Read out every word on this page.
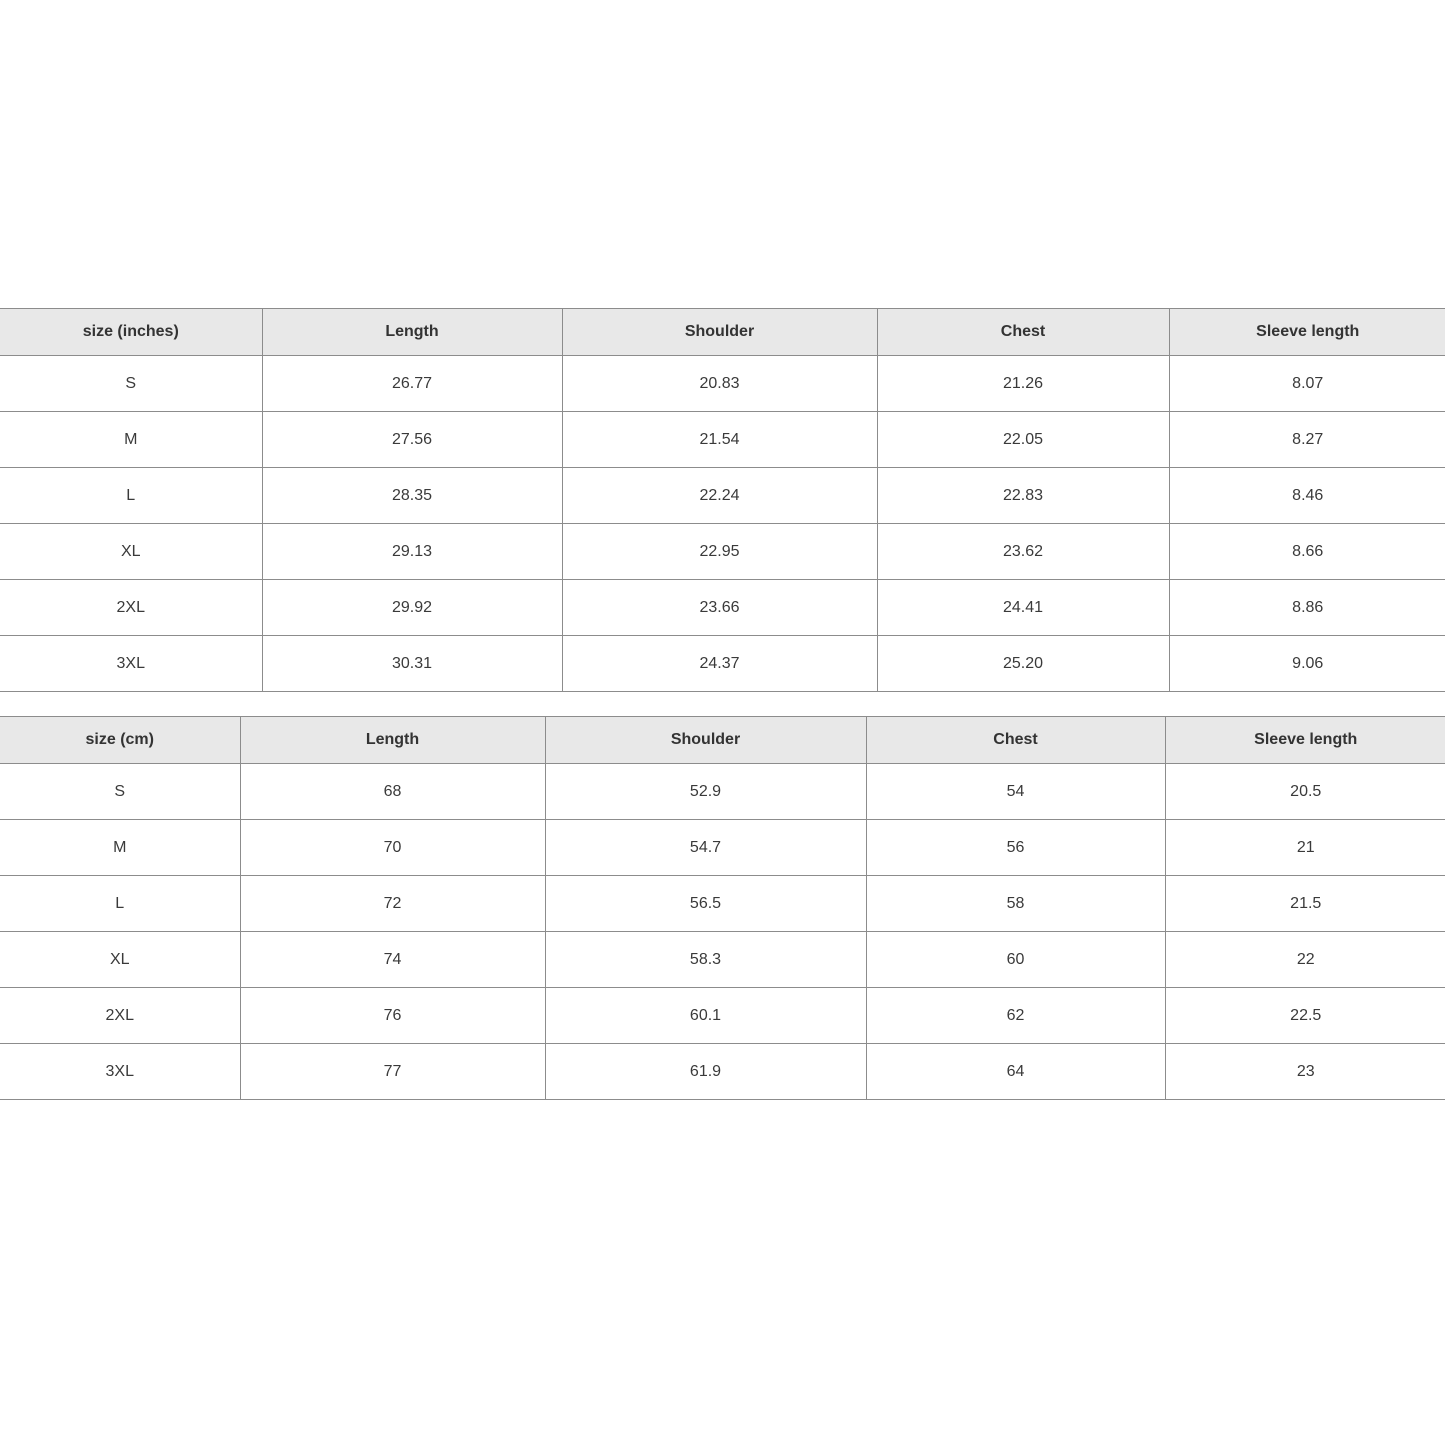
size (inches)	Length	Shoulder	Chest	Sleeve length
S	26.77	20.83	21.26	8.07
M	27.56	21.54	22.05	8.27
L	28.35	22.24	22.83	8.46
XL	29.13	22.95	23.62	8.66
2XL	29.92	23.66	24.41	8.86
3XL	30.31	24.37	25.20	9.06
size (cm)	Length	Shoulder	Chest	Sleeve length
S	68	52.9	54	20.5
M	70	54.7	56	21
L	72	56.5	58	21.5
XL	74	58.3	60	22
2XL	76	60.1	62	22.5
3XL	77	61.9	64	23
